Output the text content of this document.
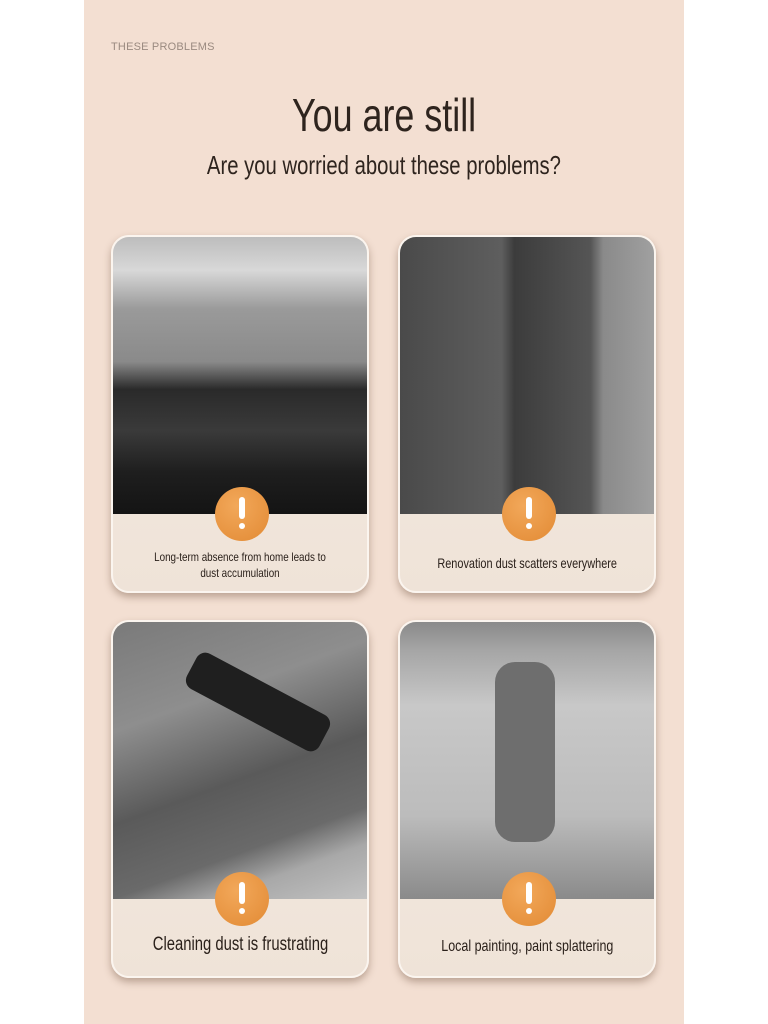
THESE PROBLEMS
You are still
Are you worried about these problems?
Long-term absence from home leads to dust accumulation
Renovation dust scatters everywhere
Cleaning dust is frustrating	Local painting, paint splattering
